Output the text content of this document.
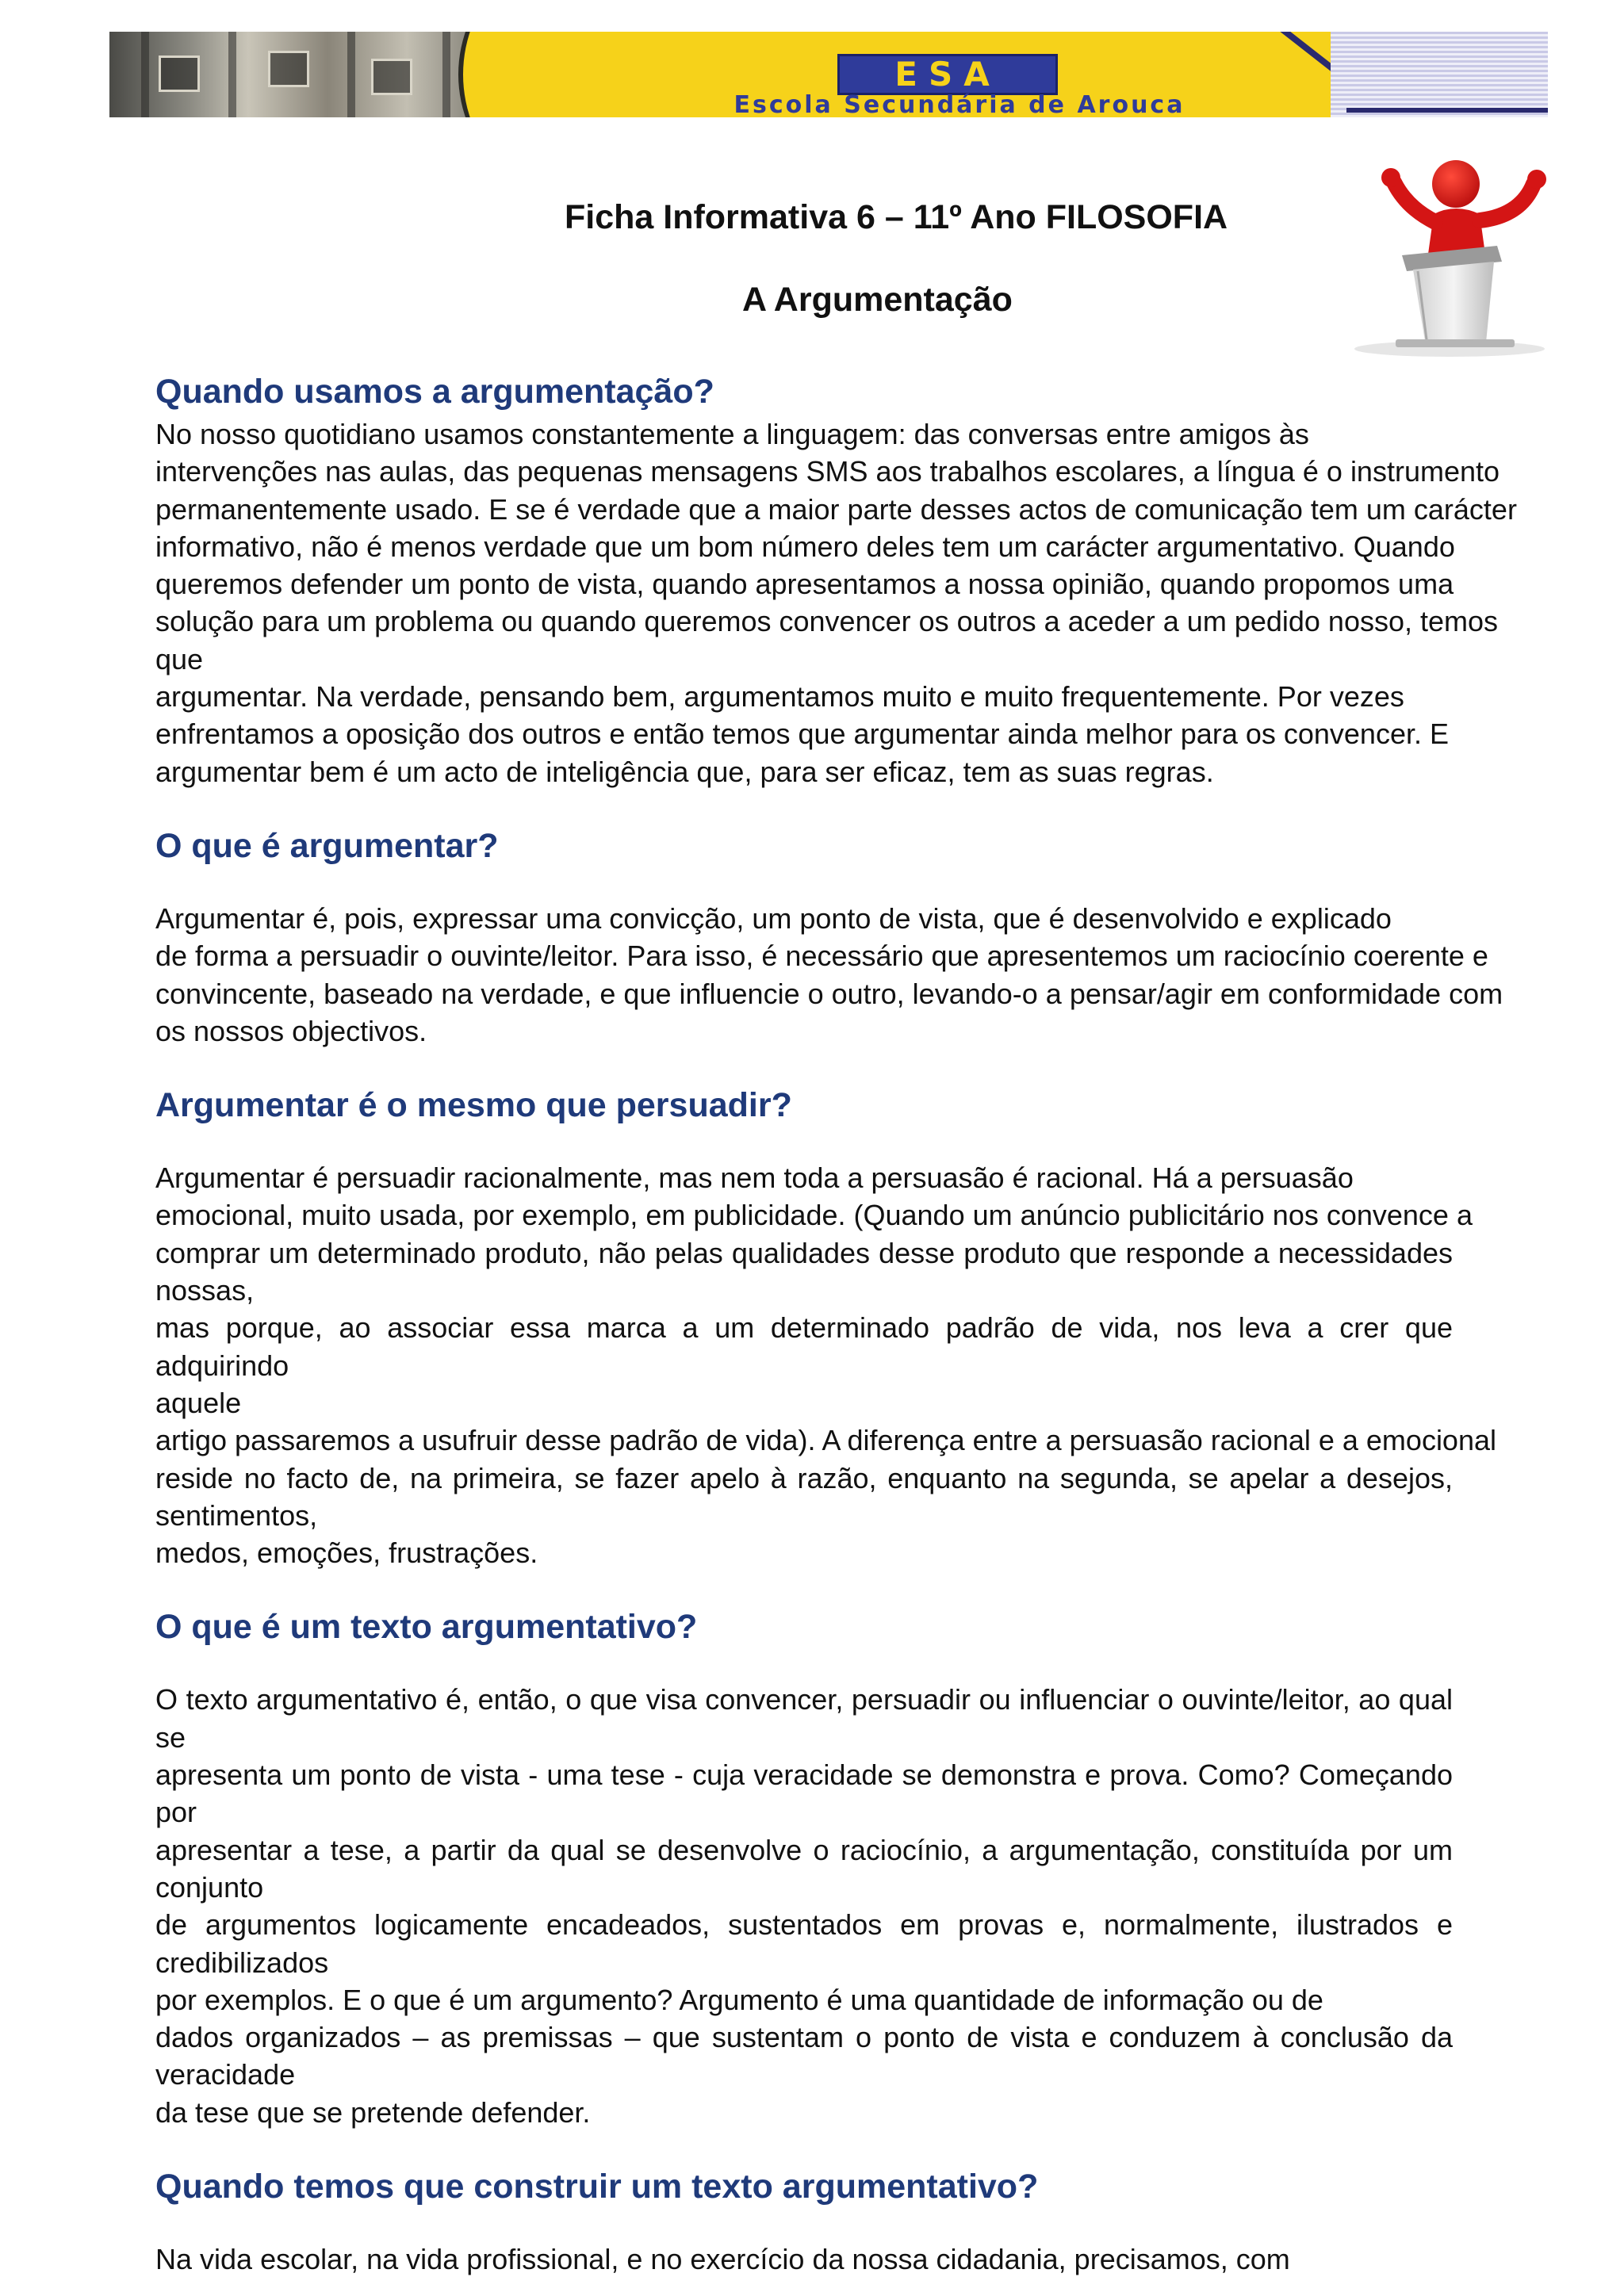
ESA
Escola Secundária de Arouca
Ficha Informativa 6 – 11º Ano FILOSOFIA
A Argumentação
Quando usamos a argumentação?

No nosso quotidiano usamos constantemente a linguagem: das conversas entre amigos às
intervenções nas aulas, das pequenas mensagens SMS aos trabalhos escolares, a língua é o instrumento
permanentemente usado. E se é verdade que a maior parte desses actos de comunicação tem um carácter
informativo, não é menos verdade que um bom número deles tem um carácter argumentativo. Quando
queremos defender um ponto de vista, quando apresentamos a nossa opinião, quando propomos uma
solução para um problema ou quando queremos convencer os outros a aceder a um pedido nosso, temos
que
argumentar. Na verdade, pensando bem, argumentamos muito e muito frequentemente. Por vezes
enfrentamos a oposição dos outros e então temos que argumentar ainda melhor para os convencer. E
argumentar bem é um acto de inteligência que, para ser eficaz, tem as suas regras.

O que é argumentar?

Argumentar é, pois, expressar uma convicção, um ponto de vista, que é desenvolvido e explicado
de forma a persuadir o ouvinte/leitor. Para isso, é necessário que apresentemos um raciocínio coerente e
convincente, baseado na verdade, e que influencie o outro, levando-o a pensar/agir em conformidade com
os nossos objectivos.

Argumentar é o mesmo que persuadir?

Argumentar é persuadir racionalmente, mas nem toda a persuasão é racional. Há a persuasão
emocional, muito usada, por exemplo, em publicidade. (Quando um anúncio publicitário nos convence a
comprar um determinado produto, não pelas qualidades desse produto que responde a necessidades
nossas,
mas porque, ao associar essa marca a um determinado padrão de vida, nos leva a crer que adquirindo
aquele
artigo passaremos a usufruir desse padrão de vida). A diferença entre a persuasão racional e a emocional
reside no facto de, na primeira, se fazer apelo à razão, enquanto na segunda, se apelar a desejos,
sentimentos,
medos, emoções, frustrações.

O que é um texto argumentativo?

O texto argumentativo é, então, o que visa convencer, persuadir ou influenciar o ouvinte/leitor, ao qual se
apresenta um ponto de vista - uma tese - cuja veracidade se demonstra e prova. Como? Começando por
apresentar a tese, a partir da qual se desenvolve o raciocínio, a argumentação, constituída por um conjunto
de argumentos logicamente encadeados, sustentados em provas e, normalmente, ilustrados e credibilizados
por exemplos. E o que é um argumento? Argumento é uma quantidade de informação ou de
dados organizados – as premissas – que sustentam o ponto de vista e conduzem à conclusão da veracidade
da tese que se pretende defender.

Quando temos que construir um texto argumentativo?

Na vida escolar, na vida profissional, e no exercício da nossa cidadania, precisamos, com
